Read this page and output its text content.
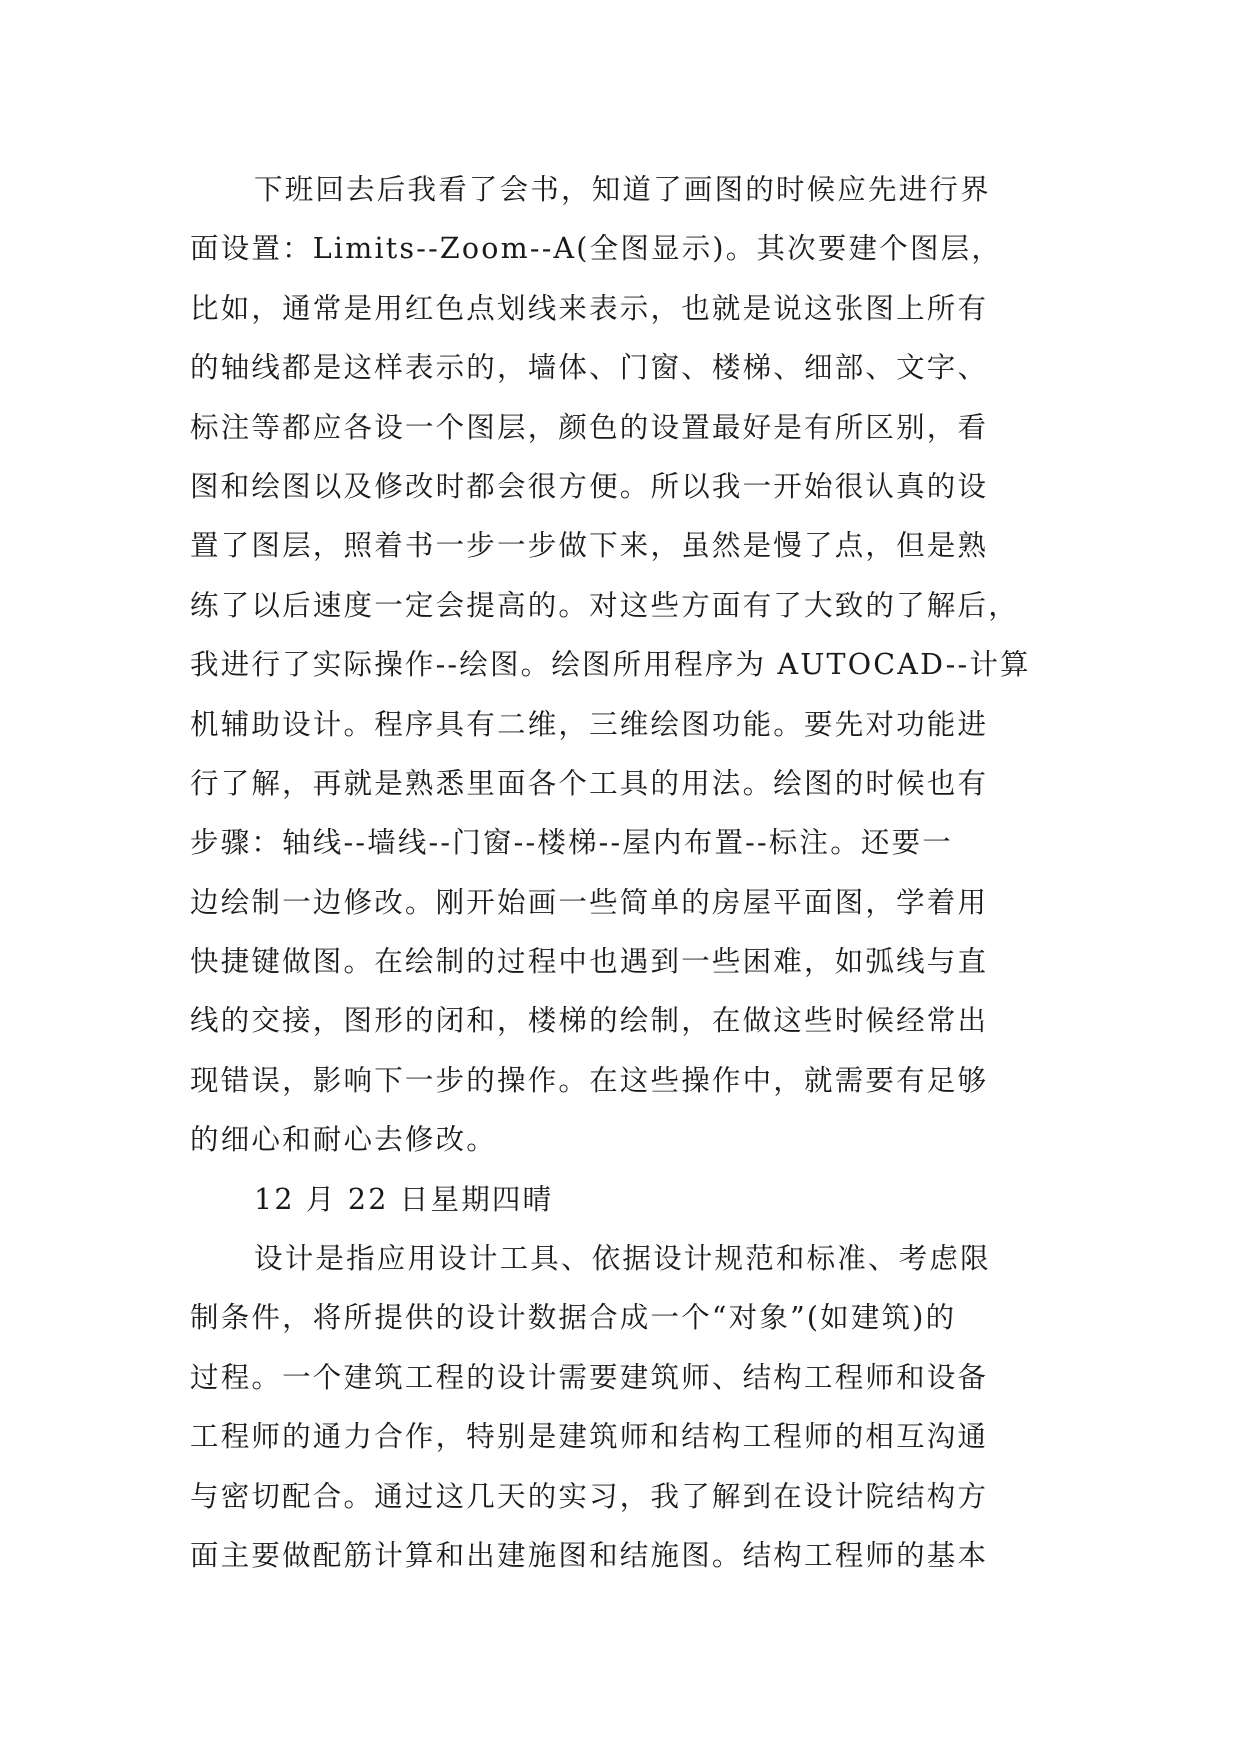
下班回去后我看了会书，知道了画图的时候应先进行界
面设置：Limits--Zoom--A(全图显示)。其次要建个图层，
比如，通常是用红色点划线来表示，也就是说这张图上所有
的轴线都是这样表示的，墙体、门窗、楼梯、细部、文字、
标注等都应各设一个图层，颜色的设置最好是有所区别，看
图和绘图以及修改时都会很方便。所以我一开始很认真的设
置了图层，照着书一步一步做下来，虽然是慢了点，但是熟
练了以后速度一定会提高的。对这些方面有了大致的了解后，
我进行了实际操作--绘图。绘图所用程序为 AUTOCAD--计算
机辅助设计。程序具有二维，三维绘图功能。要先对功能进
行了解，再就是熟悉里面各个工具的用法。绘图的时候也有
步骤：轴线--墙线--门窗--楼梯--屋内布置--标注。还要一
边绘制一边修改。刚开始画一些简单的房屋平面图，学着用
快捷键做图。在绘制的过程中也遇到一些困难，如弧线与直
线的交接，图形的闭和，楼梯的绘制，在做这些时候经常出
现错误，影响下一步的操作。在这些操作中，就需要有足够
的细心和耐心去修改。
12 月 22 日星期四晴
设计是指应用设计工具、依据设计规范和标准、考虑限
制条件，将所提供的设计数据合成一个“对象”(如建筑)的
过程。一个建筑工程的设计需要建筑师、结构工程师和设备
工程师的通力合作，特别是建筑师和结构工程师的相互沟通
与密切配合。通过这几天的实习，我了解到在设计院结构方
面主要做配筋计算和出建施图和结施图。结构工程师的基本
